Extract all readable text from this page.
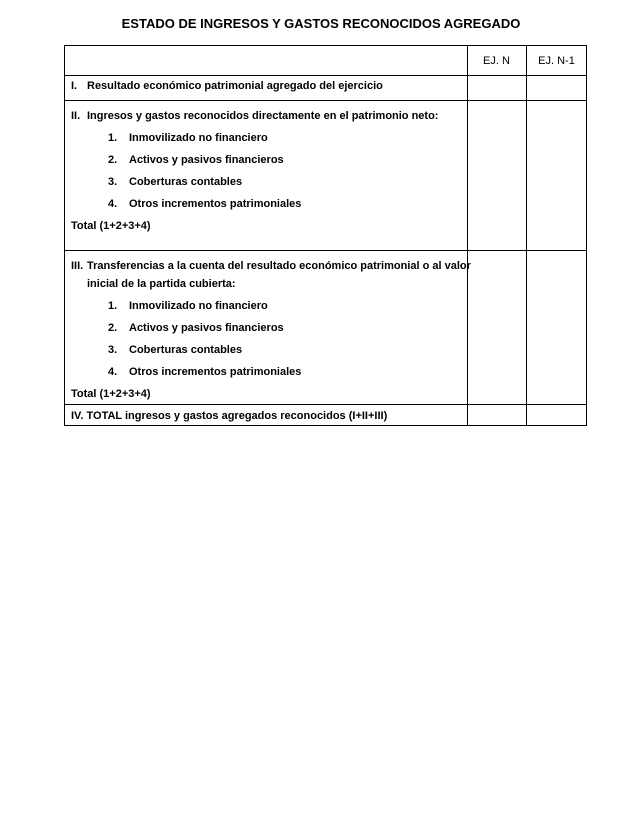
ESTADO DE INGRESOS Y GASTOS RECONOCIDOS AGREGADO
EJ. N	EJ. N-1
I. Resultado económico patrimonial agregado del ejercicio
II. Ingresos y gastos reconocidos directamente en el patrimonio neto:
1. Inmovilizado no financiero
2. Activos y pasivos financieros
3. Coberturas contables
4. Otros incrementos patrimoniales
Total (1+2+3+4)
III. Transferencias a la cuenta del resultado económico patrimonial o al valor
inicial de la partida cubierta:
1. Inmovilizado no financiero
2. Activos y pasivos financieros
3. Coberturas contables
4. Otros incrementos patrimoniales
Total (1+2+3+4)
IV. TOTAL ingresos y gastos agregados reconocidos (I+II+III)
